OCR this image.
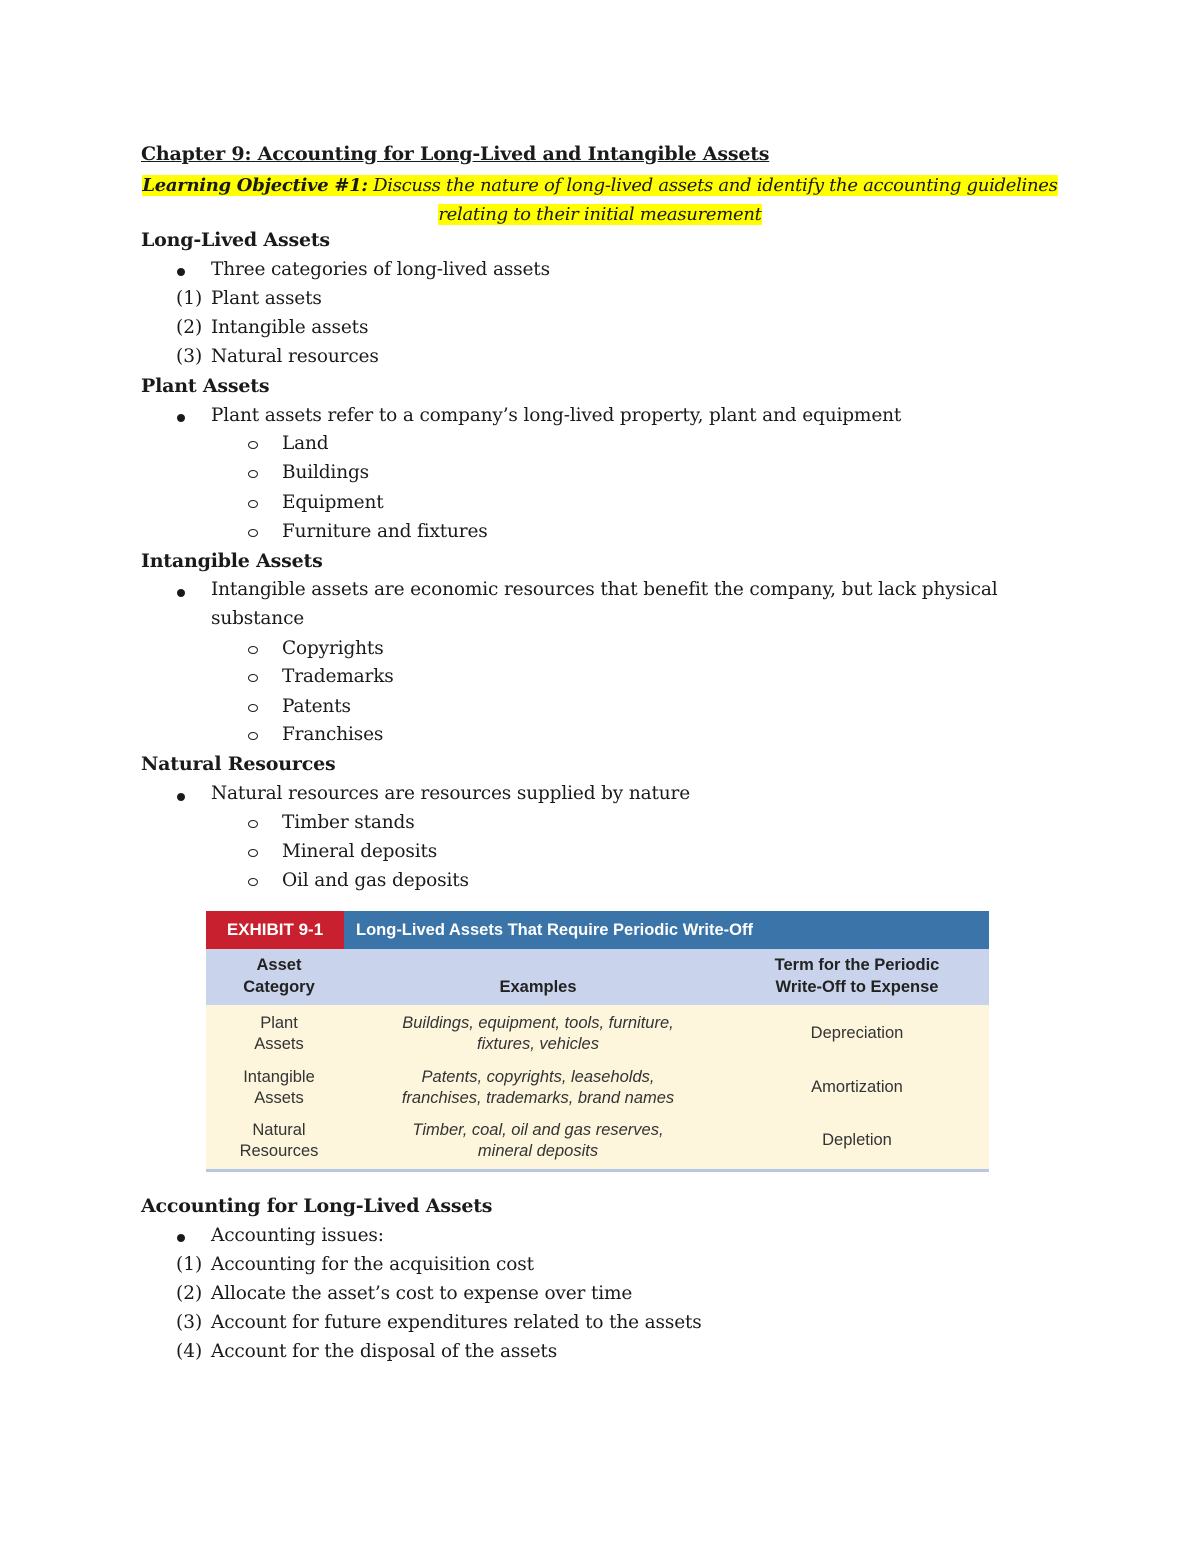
Chapter 9: Accounting for Long-Lived and Intangible Assets
Learning Objective #1: Discuss the nature of long-lived assets and identify the accounting guidelines
relating to their initial measurement
Long-Lived Assets
Three categories of long-lived assets
(1) Plant assets
(2) Intangible assets
(3) Natural resources
Plant Assets
Plant assets refer to a company’s long-lived property, plant and equipment
Land
Buildings
Equipment
Furniture and fixtures
Intangible Assets
Intangible assets are economic resources that benefit the company, but lack physical
substance
Copyrights
Trademarks
Patents
Franchises
Natural Resources
Natural resources are resources supplied by nature
Timber stands
Mineral deposits
Oil and gas deposits
EXHIBIT 9-1	Long-Lived Assets That Require Periodic Write-Off
Asset
Category	Examples
Term for the Periodic
Write-Off to Expense
Plant
Assets
Buildings, equipment, tools, furniture,
fixtures, vehicles
Depreciation
Intangible
Assets
Patents, copyrights, leaseholds,
franchises, trademarks, brand names
Amortization
Natural
Resources
Timber, coal, oil and gas reserves,
mineral deposits
Depletion
Accounting for Long-Lived Assets
Accounting issues:
(1) Accounting for the acquisition cost
(2) Allocate the asset’s cost to expense over time
(3) Account for future expenditures related to the assets
(4) Account for the disposal of the assets
